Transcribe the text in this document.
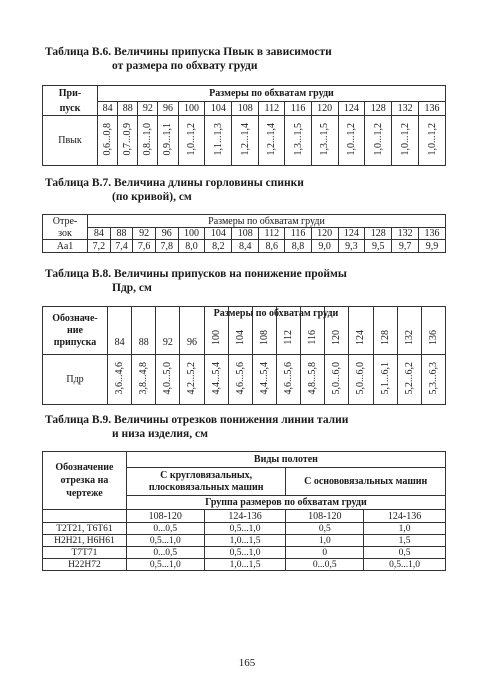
Таблица В.6. Величины припуска Пвык в зависимости
от размера по обхвату груди
При-	Размеры по обхватам груди													
пуск	84	88	92	96	100	104	108	112	116	120	124	128	132	136
Пвык	0,6...0,8	0,7...0,9	0,8...1,0	0,9...1,1	1,0...1,2	1,1...1,3	1,2...1,4	1,2...1,4	1,3...1,5	1,3...1,5	1,0...1,2	1,0...1,2	1,0...1,2	1,0...1,2
Таблица В.7. Величина длины горловины спинки
(по кривой), см
Отре-	Размеры по обхватам груди													
зок	84	88	92	96	100	104	108	112	116	120	124	128	132	136
Аа1	7,2	7,4	7,6	7,8	8,0	8,2	8,4	8,6	8,8	9,0	9,3	9,5	9,7	9,9
Таблица В.8. Величины припусков на понижение проймы
Пдр, см
Обозначе-
ние
припуска	84	88	92	96	100	104	108	112	116	120	124	128	132	136
Пдр	3,6...4,6	3,8...4,8	4,0...5,0	4,2...5,2	4,4...5,4	4,6...5,6	4,4...5,4	4,6...5,6	4,8...5,8	5,0...6,0	5,0...6,0	5,1...6,1	5,2...6,2	5,3...6,3
Размеры по обхватам груди
Таблица В.9. Величины отрезков понижения линии талии
и низа изделия, см
Обозначение
отрезка на
чертеже	Виды полотен			
	С кругловязальных,
плосковязальных машин		С основовязальных машин	
	Группа размеров по обхватам груди			
	108-120	124-136	108-120	124-136
Т2Т21, Т6Т61	0...0,5	0,5...1,0	0,5	1,0
Н2Н21, Н6Н61	0,5...1,0	1,0...1,5	1,0	1,5
Т7Т71	0...0,5	0,5...1,0	0	0,5
Н22Н72	0,5...1,0	1,0...1,5	0...0,5	0,5...1,0
165
